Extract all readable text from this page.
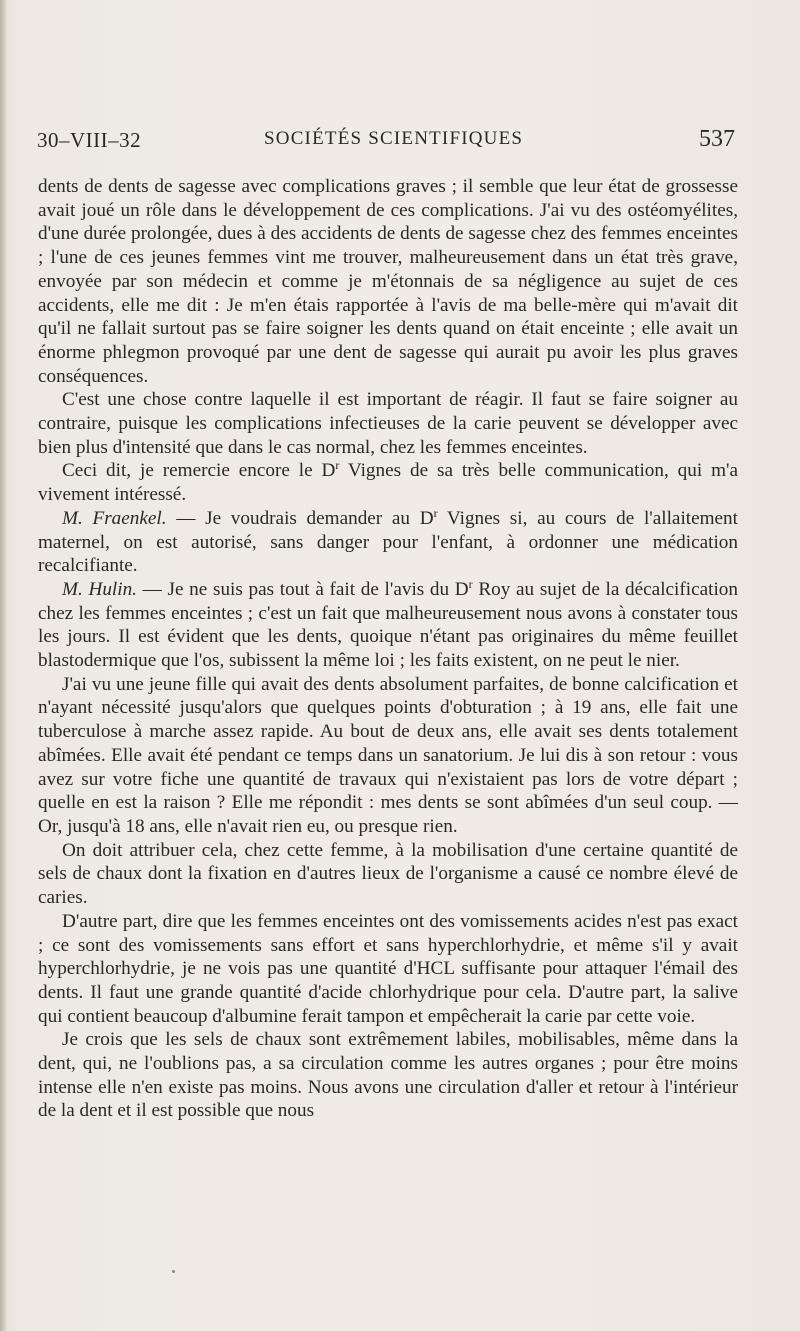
30–VIII–32	SOCIÉTÉS SCIENTIFIQUES	537

dents de dents de sagesse avec complications graves ; il semble que leur état de grossesse avait joué un rôle dans le développement de ces complications. J'ai vu des ostéomyélites, d'une durée prolongée, dues à des accidents de dents de sagesse chez des femmes enceintes ; l'une de ces jeunes femmes vint me trouver, malheureusement dans un état très grave, envoyée par son médecin et comme je m'étonnais de sa négligence au sujet de ces accidents, elle me dit : Je m'en étais rapportée à l'avis de ma belle-mère qui m'avait dit qu'il ne fallait surtout pas se faire soigner les dents quand on était enceinte ; elle avait un énorme phlegmon provoqué par une dent de sagesse qui aurait pu avoir les plus graves conséquences.

C'est une chose contre laquelle il est important de réagir. Il faut se faire soigner au contraire, puisque les complications infectieuses de la carie peuvent se développer avec bien plus d'intensité que dans le cas normal, chez les femmes enceintes.

Ceci dit, je remercie encore le $D^r$ Vignes de sa très belle communication, qui m'a vivement intéressé.

M. Fraenkel. — Je voudrais demander au $D^r$ Vignes si, au cours de l'allaitement maternel, on est autorisé, sans danger pour l'enfant, à ordonner une médication recalcifiante.

M. Hulin. — Je ne suis pas tout à fait de l'avis du $D^r$ Roy au sujet de la décalcification chez les femmes enceintes ; c'est un fait que malheureusement nous avons à constater tous les jours. Il est évident que les dents, quoique n'étant pas originaires du même feuillet blastodermique que l'os, subissent la même loi ; les faits existent, on ne peut le nier.

J'ai vu une jeune fille qui avait des dents absolument parfaites, de bonne calcification et n'ayant nécessité jusqu'alors que quelques points d'obturation ; à 19 ans, elle fait une tuberculose à marche assez rapide. Au bout de deux ans, elle avait ses dents totalement abîmées. Elle avait été pendant ce temps dans un sanatorium. Je lui dis à son retour : vous avez sur votre fiche une quantité de travaux qui n'existaient pas lors de votre départ ; quelle en est la raison ? Elle me répondit : mes dents se sont abîmées d'un seul coup. — Or, jusqu'à 18 ans, elle n'avait rien eu, ou presque rien.

On doit attribuer cela, chez cette femme, à la mobilisation d'une certaine quantité de sels de chaux dont la fixation en d'autres lieux de l'organisme a causé ce nombre élevé de caries.

D'autre part, dire que les femmes enceintes ont des vomissements acides n'est pas exact ; ce sont des vomissements sans effort et sans hyperchlorhydrie, et même s'il y avait hyperchlorhydrie, je ne vois pas une quantité d'HCL suffisante pour attaquer l'émail des dents. Il faut une grande quantité d'acide chlorhydrique pour cela. D'autre part, la salive qui contient beaucoup d'albumine ferait tampon et empêcherait la carie par cette voie.

Je crois que les sels de chaux sont extrêmement labiles, mobilisables, même dans la dent, qui, ne l'oublions pas, a sa circulation comme les autres organes ; pour être moins intense elle n'en existe pas moins. Nous avons une circulation d'aller et retour à l'intérieur de la dent et il est possible que nous
